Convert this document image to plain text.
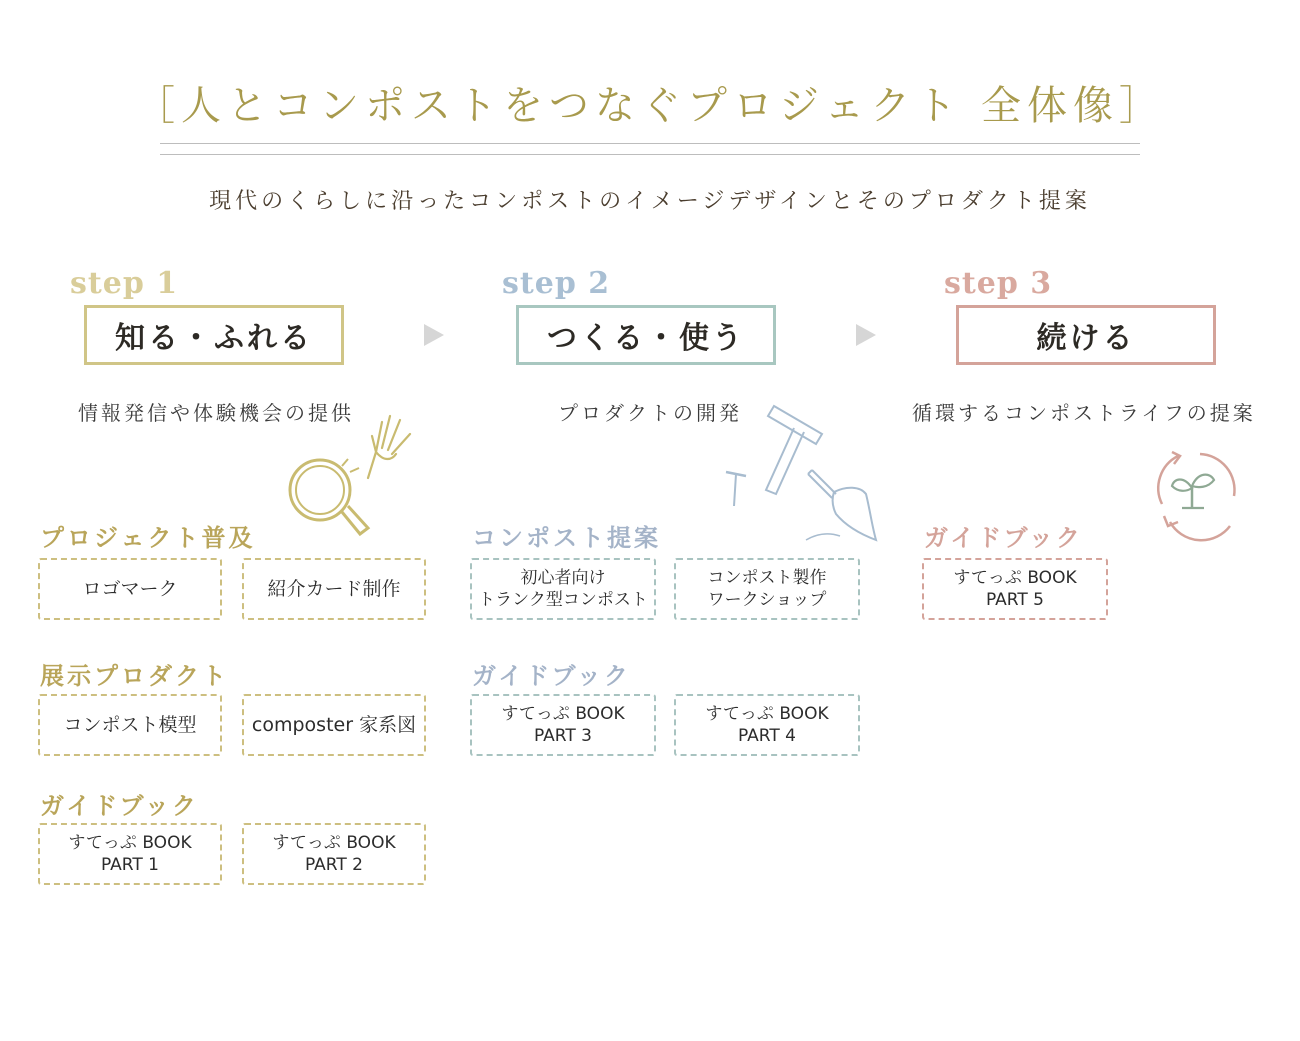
［人とコンポストをつなぐプロジェクト 全体像］
現代のくらしに沿ったコンポストのイメージデザインとそのプロダクト提案
step 1
知る・ふれる
情報発信や体験機会の提供
プロジェクト普及
ロゴマーク	紹介カード制作
展示プロダクト
コンポスト模型	composter 家系図
ガイドブック
すてっぷ BOOK
PART 1
すてっぷ BOOK
PART 2
step 2
つくる・使う
プロダクトの開発
コンポスト提案
初心者向け
トランク型コンポスト
コンポスト製作
ワークショップ
ガイドブック
すてっぷ BOOK
PART 3
すてっぷ BOOK
PART 4
step 3
続ける
循環するコンポストライフの提案
ガイドブック
すてっぷ BOOK
PART 5
